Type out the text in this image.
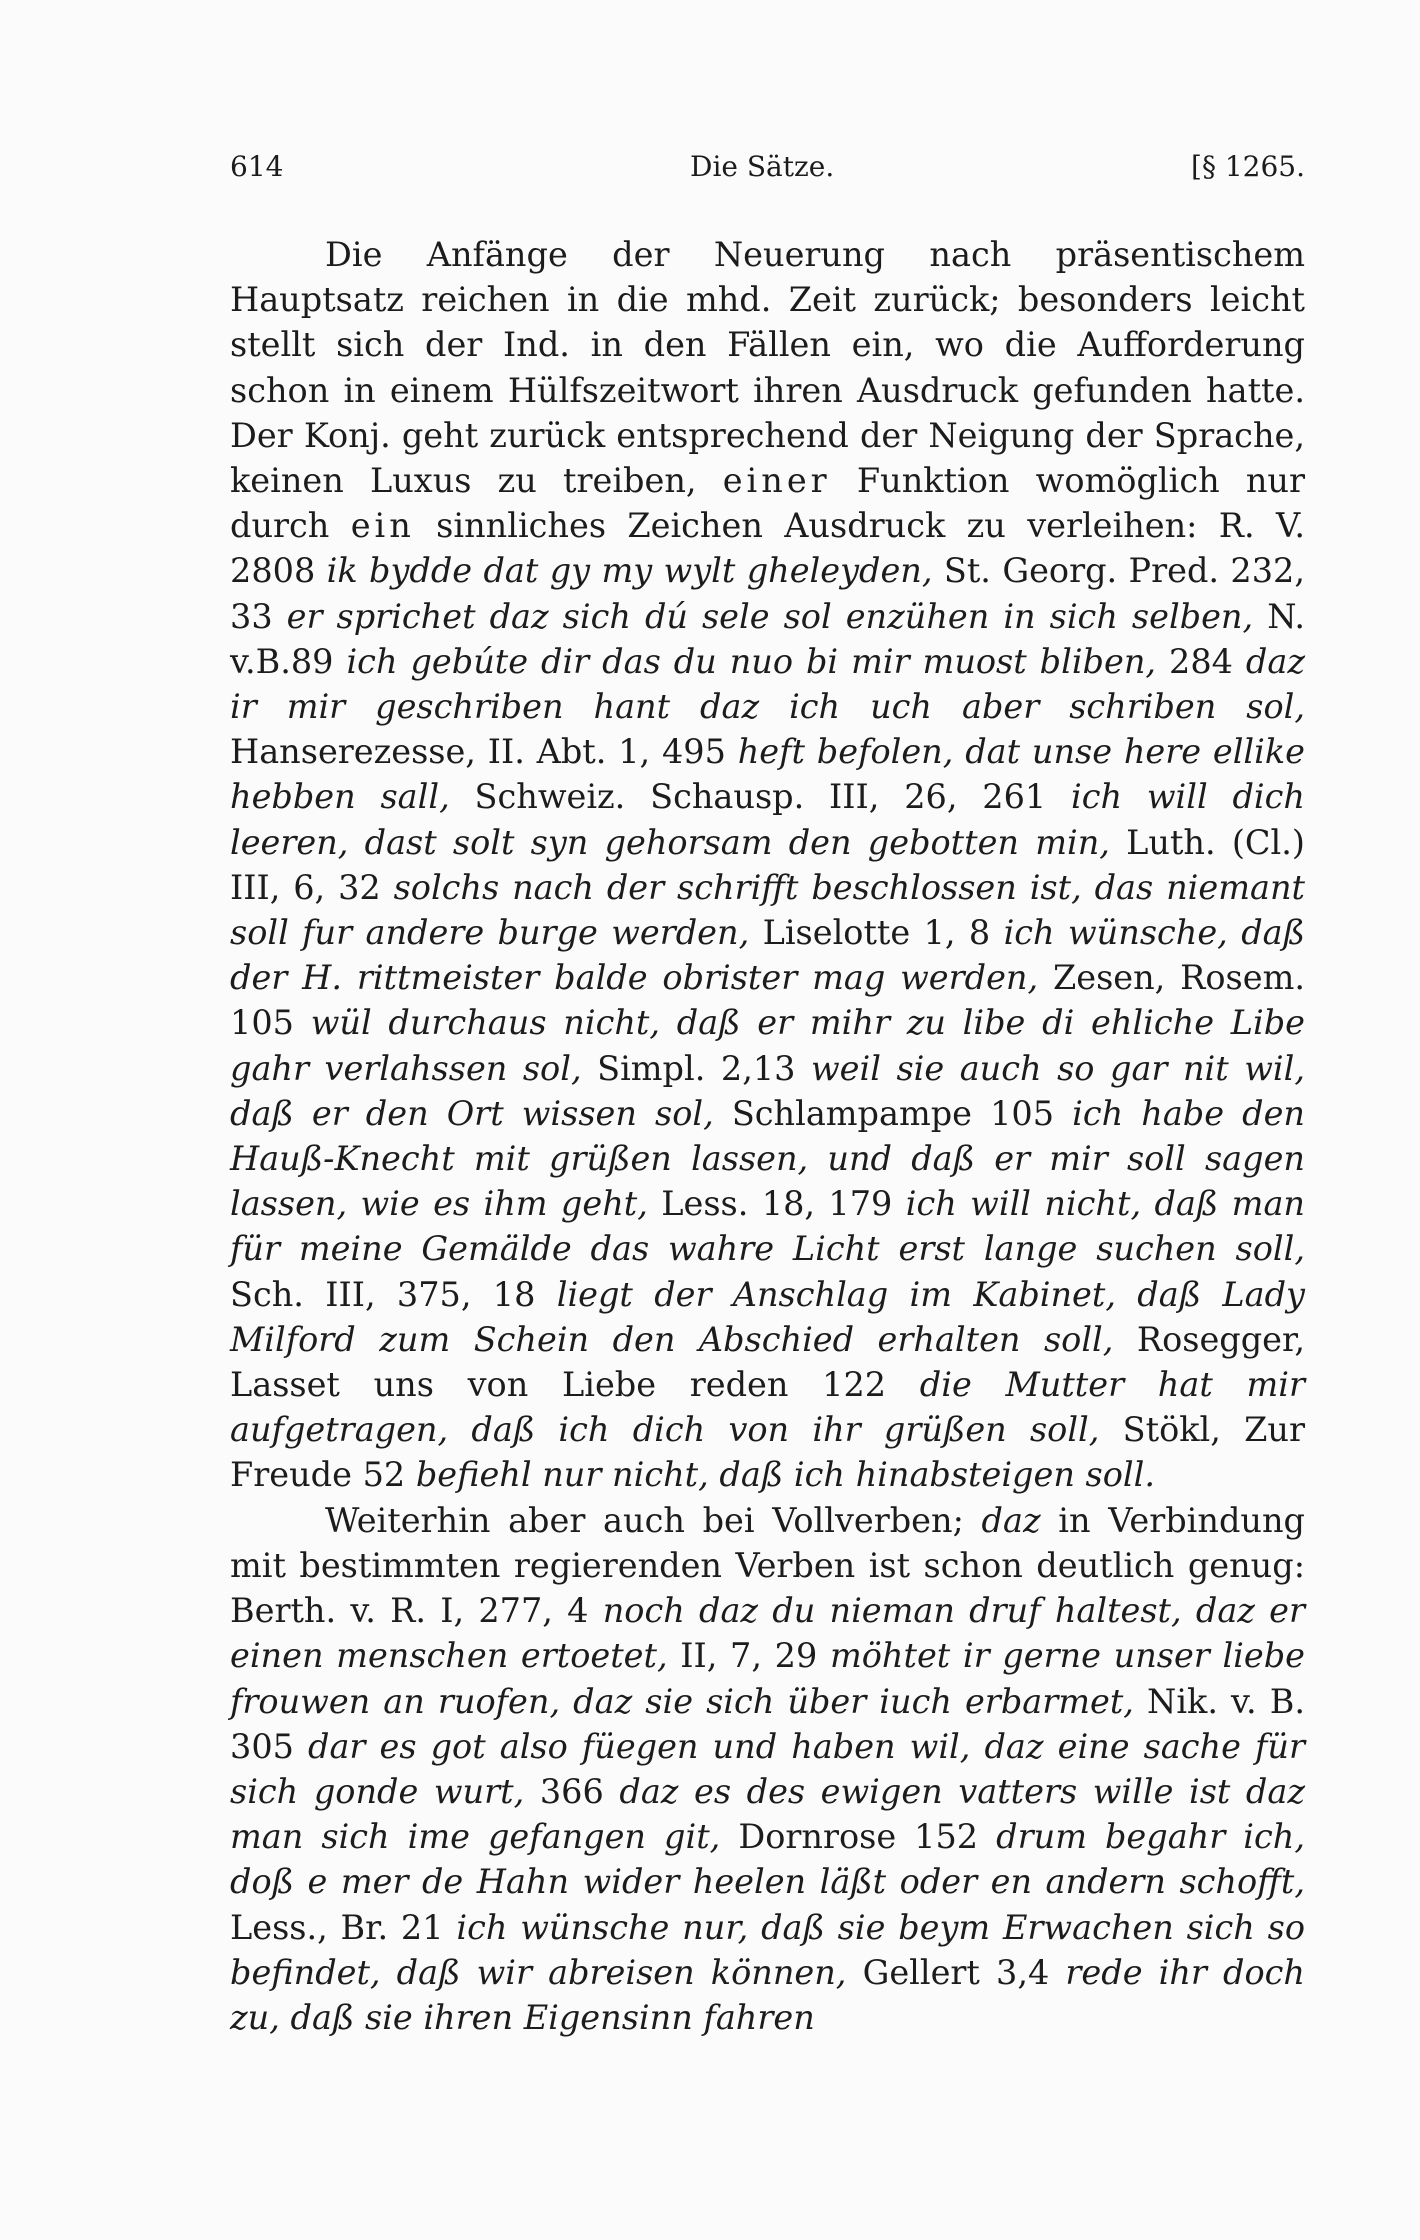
614	Die Sätze.	[§ 1265.

Die Anfänge der Neuerung nach präsentischem Hauptsatz reichen in die mhd. Zeit zurück; besonders leicht stellt sich der Ind. in den Fällen ein, wo die Aufforderung schon in einem Hülfszeitwort ihren Ausdruck gefunden hatte. Der Konj. geht zurück entsprechend der Neigung der Sprache, keinen Luxus zu treiben, einer Funktion womöglich nur durch ein sinnliches Zeichen Ausdruck zu verleihen: R. V. 2808 ik bydde dat gy my wylt gheleyden, St. Georg. Pred. 232, 33 er sprichet daz sich dú sele sol enzühen in sich selben, N. v.B.89 ich gebúte dir das du nuo bi mir muost bliben, 284 daz ir mir geschriben hant daz ich uch aber schriben sol, Hanserezesse, II. Abt. 1, 495 heft befolen, dat unse here ellike hebben sall, Schweiz. Schausp. III, 26, 261 ich will dich leeren, dast solt syn gehorsam den gebotten min, Luth. (Cl.) III, 6, 32 solchs nach der schrifft beschlossen ist, das niemant soll fur andere burge werden, Liselotte 1, 8 ich wünsche, daß der H. rittmeister balde obrister mag werden, Zesen, Rosem. 105 wül durchaus nicht, daß er mihr zu libe di ehliche Libe gahr verlahssen sol, Simpl. 2,13 weil sie auch so gar nit wil, daß er den Ort wissen sol, Schlampampe 105 ich habe den Hauß-Knecht mit grüßen lassen, und daß er mir soll sagen lassen, wie es ihm geht, Less. 18, 179 ich will nicht, daß man für meine Gemälde das wahre Licht erst lange suchen soll, Sch. III, 375, 18 liegt der Anschlag im Kabinet, daß Lady Milford zum Schein den Abschied erhalten soll, Rosegger, Lasset uns von Liebe reden 122 die Mutter hat mir aufgetragen, daß ich dich von ihr grüßen soll, Stökl, Zur Freude 52 befiehl nur nicht, daß ich hinabsteigen soll.

Weiterhin aber auch bei Vollverben; daz in Verbindung mit bestimmten regierenden Verben ist schon deutlich genug: Berth. v. R. I, 277, 4 noch daz du nieman druf haltest, daz er einen menschen ertoetet, II, 7, 29 möhtet ir gerne unser liebe frouwen an ruofen, daz sie sich über iuch erbarmet, Nik. v. B. 305 dar es got also füegen und haben wil, daz eine sache für sich gonde wurt, 366 daz es des ewigen vatters wille ist daz man sich ime gefangen git, Dornrose 152 drum begahr ich, doß e mer de Hahn wider heelen läßt oder en andern schofft, Less., Br. 21 ich wünsche nur, daß sie beym Erwachen sich so befindet, daß wir abreisen können, Gellert 3,4 rede ihr doch zu, daß sie ihren Eigensinn fahren
